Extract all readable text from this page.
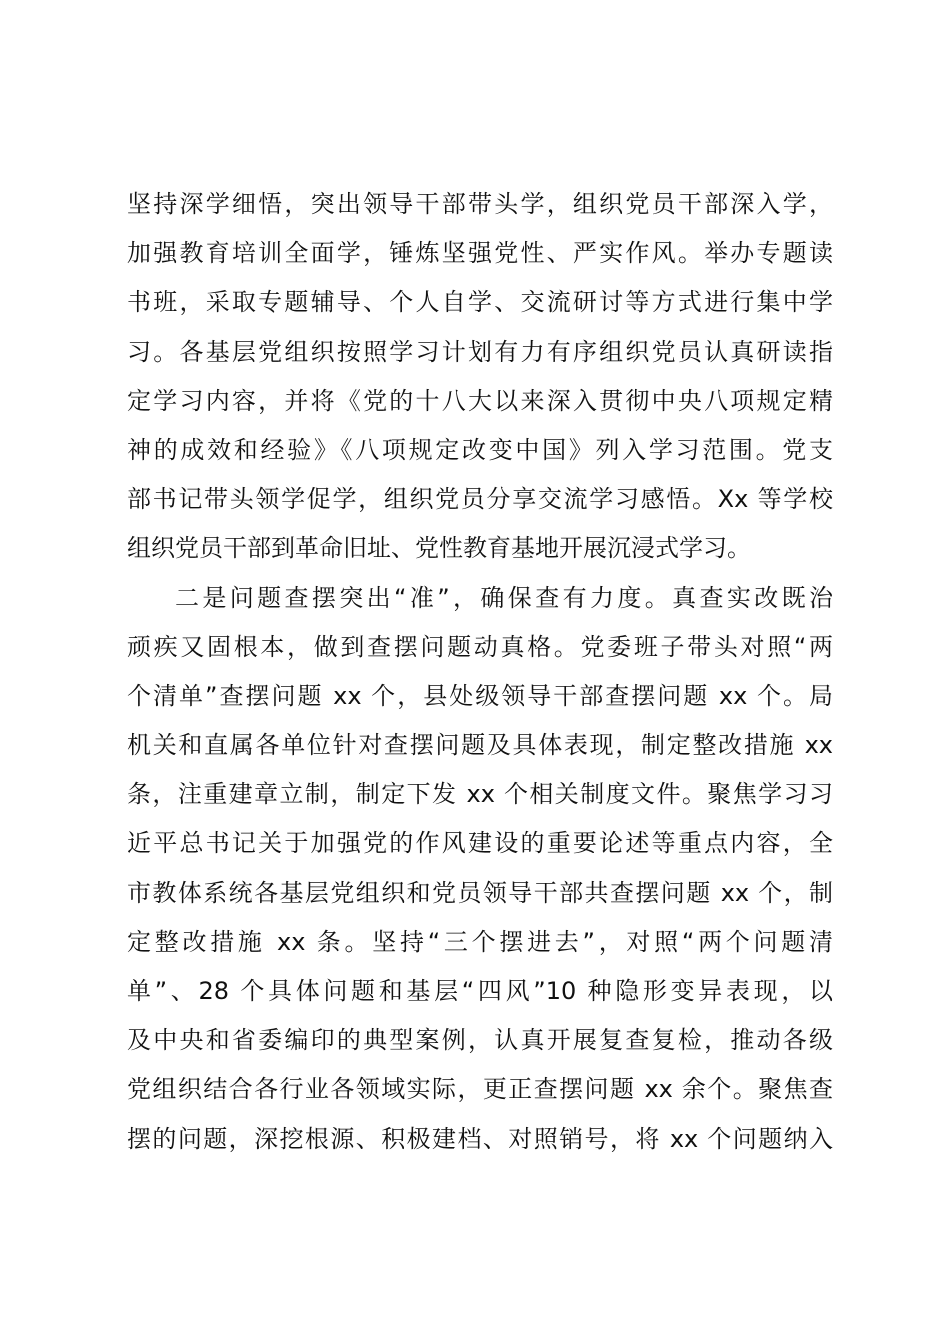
坚持深学细悟，突出领导干部带头学，组织党员干部深入学，
加强教育培训全面学，锤炼坚强党性、严实作风。举办专题读
书班，采取专题辅导、个人自学、交流研讨等方式进行集中学
习。各基层党组织按照学习计划有力有序组织党员认真研读指
定学习内容，并将《党的十八大以来深入贯彻中央八项规定精
神的成效和经验》《八项规定改变中国》列入学习范围。党支
部书记带头领学促学，组织党员分享交流学习感悟。Xx 等学校
组织党员干部到革命旧址、党性教育基地开展沉浸式学习。
二是问题查摆突出“准”，确保查有力度。真查实改既治
顽疾又固根本，做到查摆问题动真格。党委班子带头对照“两
个清单”查摆问题 xx 个，县处级领导干部查摆问题 xx 个。局
机关和直属各单位针对查摆问题及具体表现，制定整改措施 xx
条，注重建章立制，制定下发 xx 个相关制度文件。聚焦学习习
近平总书记关于加强党的作风建设的重要论述等重点内容，全
市教体系统各基层党组织和党员领导干部共查摆问题 xx 个，制
定整改措施 xx 条。坚持“三个摆进去”，对照“两个问题清
单”、28 个具体问题和基层“四风”10 种隐形变异表现，以
及中央和省委编印的典型案例，认真开展复查复检，推动各级
党组织结合各行业各领域实际，更正查摆问题 xx 余个。聚焦查
摆的问题，深挖根源、积极建档、对照销号，将 xx 个问题纳入
